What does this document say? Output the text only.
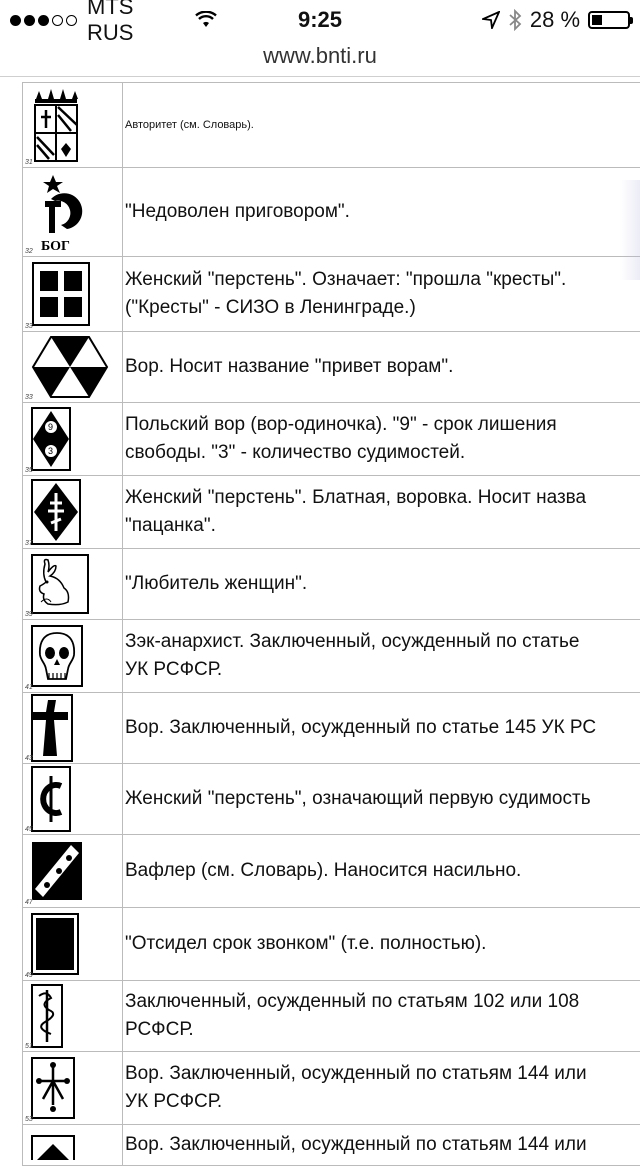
MTS RUS
9:25	28 %
www.bnti.ru
31
Авторитет (см. Словарь).
БОГ
32
"Недоволен приговором".
33
Женский "перстень". Означает: "прошла "кресты".
("Кресты" - СИЗО в Ленинграде.)
33
Вор. Носит название "привет ворам".
9
3
35
Польский вор (вор-одиночка). "9" - срок лишения
свободы. "3" - количество судимостей.
37
Женский "перстень". Блатная, воровка. Носит назва
"пацанка".
39
"Любитель женщин".
41
Зэк-анархист. Заключенный, осужденный по статье
УК РСФСР.
43
Вор. Заключенный, осужденный по статье 145 УК РС
45
Женский "перстень", означающий первую судимость
47
Вафлер (см. Словарь). Наносится насильно.
49
"Отсидел срок звонком" (т.е. полностью).
51
Заключенный, осужденный по статьям 102 или 108
РСФСР.
53
Вор. Заключенный, осужденный по статьям 144 или
УК РСФСР.
Вор. Заключенный, осужденный по статьям 144 или
